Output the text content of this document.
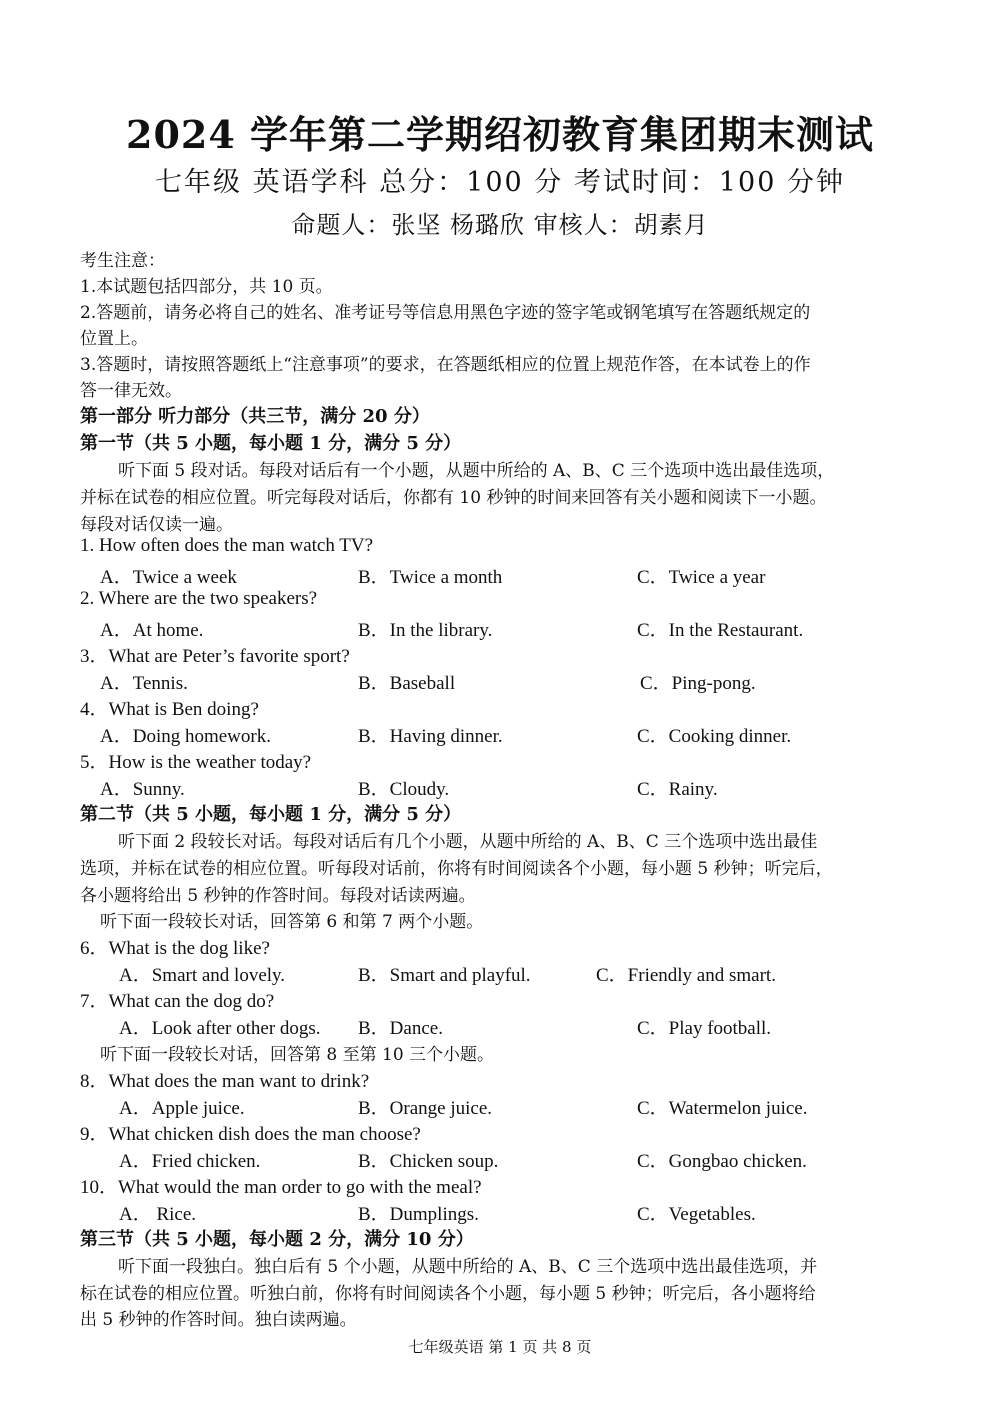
2024 学年第二学期绍初教育集团期末测试
七年级 英语学科 总分：100 分 考试时间：100 分钟
命题人：张坚 杨璐欣 审核人：胡素月
考生注意：
1.本试题包括四部分，共 10 页。
2.答题前，请务必将自己的姓名、准考证号等信息用黑色字迹的签字笔或钢笔填写在答题纸规定的
位置上。
3.答题时，请按照答题纸上“注意事项”的要求，在答题纸相应的位置上规范作答，在本试卷上的作
答一律无效。
第一部分 听力部分（共三节，满分 20 分）
第一节（共 5 小题，每小题 1 分，满分 5 分）
听下面 5 段对话。每段对话后有一个小题，从题中所给的 A、B、C 三个选项中选出最佳选项，
并标在试卷的相应位置。听完每段对话后，你都有 10 秒钟的时间来回答有关小题和阅读下一小题。
每段对话仅读一遍。
1. How often does the man watch TV?
A．Twice a week	B．Twice a month	C．Twice a year
2. Where are the two speakers?
A．At home.	B．In the library.	C．In the Restaurant.
3．What are Peter’s favorite sport?
A．Tennis.	B．Baseball	C．Ping-pong.
4．What is Ben doing?
A．Doing homework.	B．Having dinner.	C．Cooking dinner.
5．How is the weather today?
A．Sunny.	B．Cloudy.	C．Rainy.
第二节（共 5 小题，每小题 1 分，满分 5 分）
听下面 2 段较长对话。每段对话后有几个小题，从题中所给的 A、B、C 三个选项中选出最佳
选项，并标在试卷的相应位置。听每段对话前，你将有时间阅读各个小题，每小题 5 秒钟；听完后，
各小题将给出 5 秒钟的作答时间。每段对话读两遍。
听下面一段较长对话，回答第 6 和第 7 两个小题。
6．What is the dog like?
A．Smart and lovely.	B．Smart and playful.	C．Friendly and smart.
7．What can the dog do?
A．Look after other dogs. B．Dance.	C．Play football.
听下面一段较长对话，回答第 8 至第 10 三个小题。
8．What does the man want to drink?
A．Apple juice.	B．Orange juice.	C．Watermelon juice.
9．What chicken dish does the man choose?
A．Fried chicken.	B．Chicken soup.	C．Gongbao chicken.
10．What would the man order to go with the meal?
A． Rice.	B．Dumplings.	C．Vegetables.
第三节（共 5 小题，每小题 2 分，满分 10 分）
听下面一段独白。独白后有 5 个小题，从题中所给的 A、B、C 三个选项中选出最佳选项，并
标在试卷的相应位置。听独白前，你将有时间阅读各个小题，每小题 5 秒钟；听完后，各小题将给
出 5 秒钟的作答时间。独白读两遍。
七年级英语 第 1 页 共 8 页
